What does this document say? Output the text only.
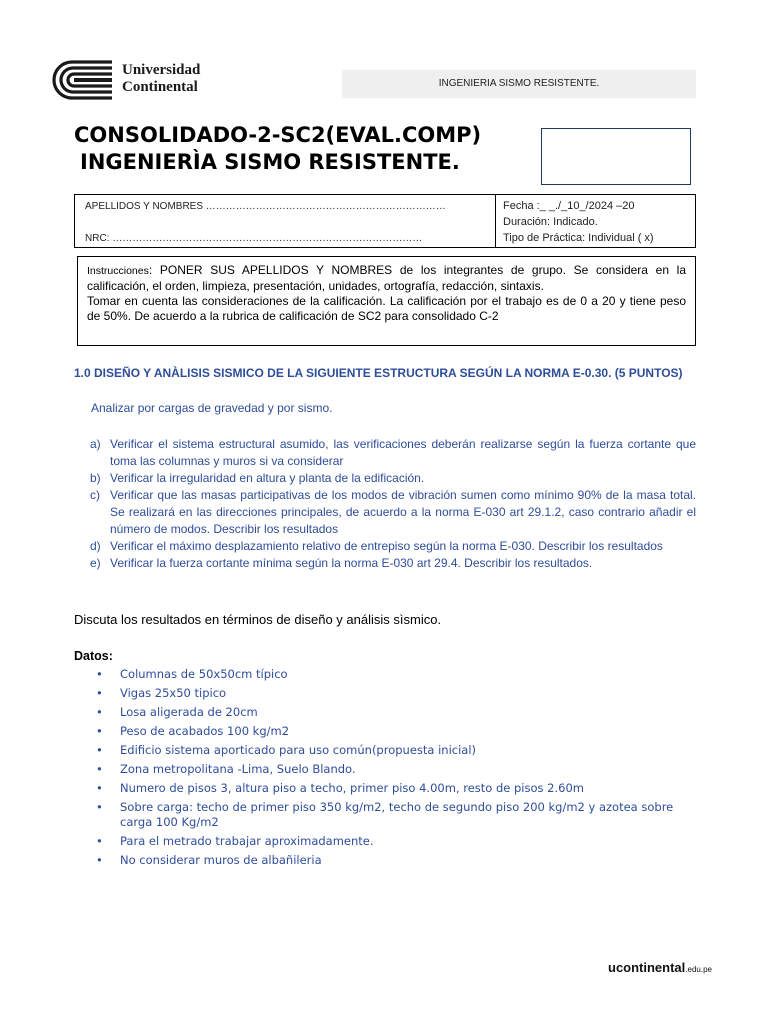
Universidad
Continental	INGENIERIA SISMO RESISTENTE.
CONSOLIDADO-2-SC2(EVAL.COMP)
INGENIERÌA SISMO RESISTENTE.
APELLIDOS Y NOMBRES ………………………………………………………………
NRC: …………………………………………………………………………………
Fecha :_ _./_10_/2024 –20
Duración: Indicado.
Tipo de Práctica: Individual ( x)
Instrucciones: PONER SUS APELLIDOS Y NOMBRES de los integrantes de grupo. Se considera en la calificación, el orden, limpieza, presentación, unidades, ortografía, redacción, sintaxis.
Tomar en cuenta las consideraciones de la calificación. La calificación por el trabajo es de 0 a 20 y tiene peso de 50%. De acuerdo a la rubrica de calificación de SC2 para consolidado C-2
1.0 DISEÑO Y ANÀLISIS SISMICO DE LA SIGUIENTE ESTRUCTURA SEGÚN LA NORMA E-0.30. (5 PUNTOS)
Analizar por cargas de gravedad y por sismo.
a) Verificar el sistema estructural asumido, las verificaciones deberán realizarse según la fuerza cortante que toma las columnas y muros si va considerar
b) Verificar la irregularidad en altura y planta de la edificación.
c) Verificar que las masas participativas de los modos de vibración sumen como mínimo 90% de la masa total. Se realizará en las direcciones principales, de acuerdo a la norma E-030 art 29.1.2, caso contrario añadir el número de modos. Describir los resultados
d) Verificar el máximo desplazamiento relativo de entrepiso según la norma E-030. Describir los resultados
e) Verificar la fuerza cortante mínima según la norma E-030 art 29.4. Describir los resultados.
Discuta los resultados en términos de diseño y análisis sìsmico.
Datos:
• Columnas de 50x50cm típico
• Vigas 25x50 tipico
• Losa aligerada de 20cm
• Peso de acabados 100 kg/m2
• Edificio sistema aporticado para uso común(propuesta inicial)
• Zona metropolitana -Lima, Suelo Blando.
• Numero de pisos 3, altura piso a techo, primer piso 4.00m, resto de pisos 2.60m
• Sobre carga: techo de primer piso 350 kg/m2, techo de segundo piso 200 kg/m2 y azotea sobre carga 100 Kg/m2
• Para el metrado trabajar aproximadamente.
• No considerar muros de albañileria
ucontinental.edu.pe
